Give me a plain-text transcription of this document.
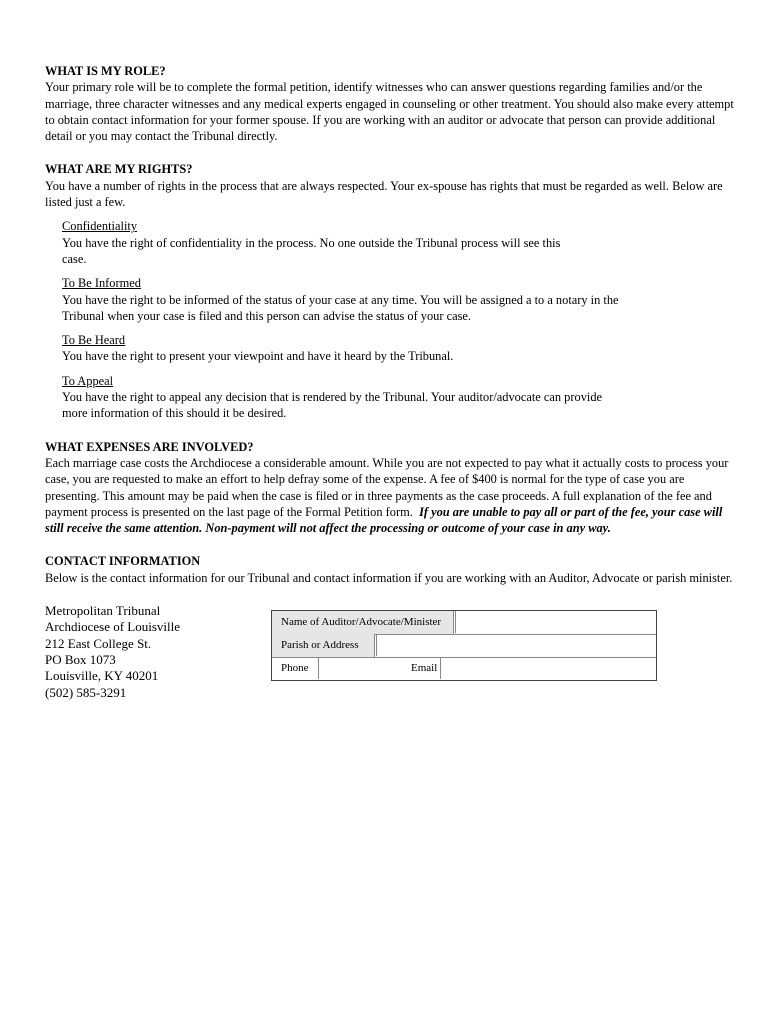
WHAT IS MY ROLE?

Your primary role will be to complete the formal petition, identify witnesses who can answer questions regarding families and/or the marriage, three character witnesses and any medical experts engaged in counseling or other treatment. You should also make every attempt to obtain contact information for your former spouse. If you are working with an auditor or advocate that person can provide additional detail or you may contact the Tribunal directly.

WHAT ARE MY RIGHTS?

You have a number of rights in the process that are always respected. Your ex-spouse has rights that must be regarded as well. Below are listed just a few.

Confidentiality
You have the right of confidentiality in the process. No one outside the Tribunal process will see this case.
To Be Informed
You have the right to be informed of the status of your case at any time. You will be assigned a to a notary in the Tribunal when your case is filed and this person can advise the status of your case.
To Be Heard
You have the right to present your viewpoint and have it heard by the Tribunal.
To Appeal
You have the right to appeal any decision that is rendered by the Tribunal. Your auditor/advocate can provide more information of this should it be desired.

WHAT EXPENSES ARE INVOLVED?

Each marriage case costs the Archdiocese a considerable amount. While you are not expected to pay what it actually costs to process your case, you are requested to make an effort to help defray some of the expense. A fee of $400 is normal for the type of case you are presenting. This amount may be paid when the case is filed or in three payments as the case proceeds. A full explanation of the fee and payment process is presented on the last page of the Formal Petition form. If you are unable to pay all or part of the fee, your case will still receive the same attention. Non-payment will not affect the processing or outcome of your case in any way.

CONTACT INFORMATION

Below is the contact information for our Tribunal and contact information if you are working with an Auditor, Advocate or parish minister.

Metropolitan Tribunal
Archdiocese of Louisville
212 East College St.
PO Box 1073
Louisville, KY 40201
(502) 585-3291
Name of Auditor/Advocate/Minister
Parish or Address
Phone	Email
